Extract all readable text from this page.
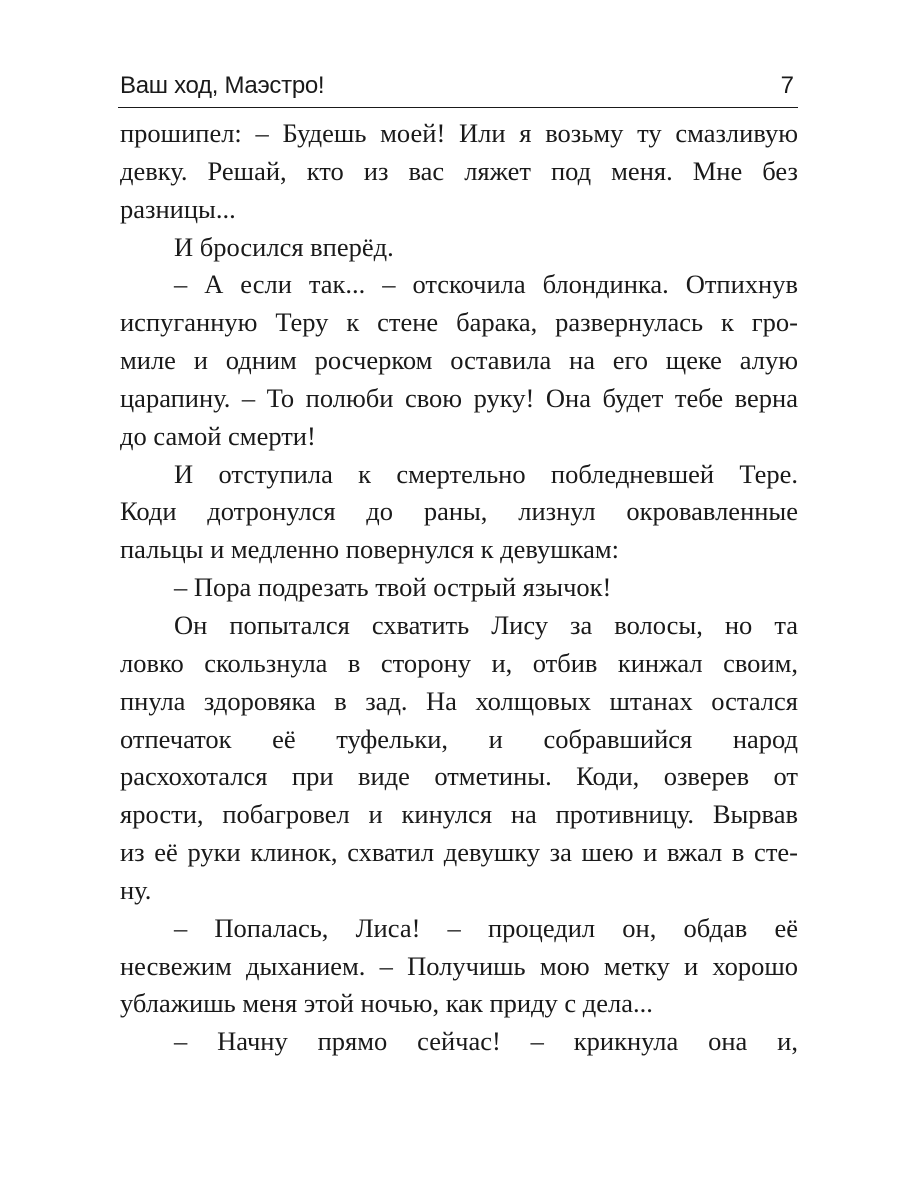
Ваш ход, Маэстро!	7
прошипел: – Будешь моей! Или я возьму ту смазливую
девку. Решай, кто из вас ляжет под меня. Мне без
разницы...
И бросился вперёд.
– А если так... – отскочила блондинка. Отпихнув
испуганную Теру к стене барака, развернулась к гро-
миле и одним росчерком оставила на его щеке алую
царапину. – То полюби свою руку! Она будет тебе верна
до самой смерти!
И отступила к смертельно побледневшей Тере.
Коди дотронулся до раны, лизнул окровавленные
пальцы и медленно повернулся к девушкам:
– Пора подрезать твой острый язычок!
Он попытался схватить Лису за волосы, но та
ловко скользнула в сторону и, отбив кинжал своим,
пнула здоровяка в зад. На холщовых штанах остался
отпечаток её туфельки, и собравшийся народ
расхохотался при виде отметины. Коди, озверев от
ярости, побагровел и кинулся на противницу. Вырвав
из её руки клинок, схватил девушку за шею и вжал в сте-
ну.
– Попалась, Лиса! – процедил он, обдав её
несвежим дыханием. – Получишь мою метку и хорошо
ублажишь меня этой ночью, как приду с дела...
– Начну прямо сейчас! – крикнула она и,
